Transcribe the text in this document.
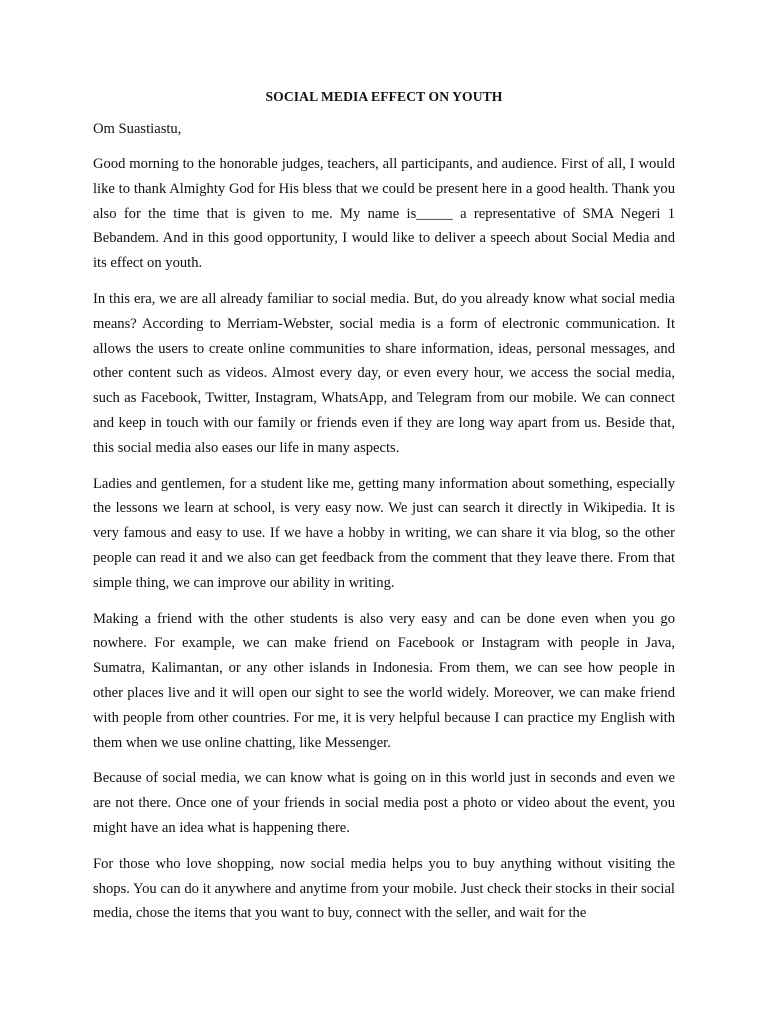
SOCIAL MEDIA EFFECT ON YOUTH
Om Suastiastu,

Good morning to the honorable judges, teachers, all participants, and audience. First of all, I would like to thank Almighty God for His bless that we could be present here in a good health. Thank you also for the time that is given to me. My name is_____ a representative of SMA Negeri 1 Bebandem. And in this good opportunity, I would like to deliver a speech about Social Media and its effect on youth.

In this era, we are all already familiar to social media. But, do you already know what social media means? According to Merriam-Webster, social media is a form of electronic communication. It allows the users to create online communities to share information, ideas, personal messages, and other content such as videos. Almost every day, or even every hour, we access the social media, such as Facebook, Twitter, Instagram, WhatsApp, and Telegram from our mobile. We can connect and keep in touch with our family or friends even if they are long way apart from us. Beside that, this social media also eases our life in many aspects.

Ladies and gentlemen, for a student like me, getting many information about something, especially the lessons we learn at school, is very easy now. We just can search it directly in Wikipedia. It is very famous and easy to use. If we have a hobby in writing, we can share it via blog, so the other people can read it and we also can get feedback from the comment that they leave there. From that simple thing, we can improve our ability in writing.

Making a friend with the other students is also very easy and can be done even when you go nowhere. For example, we can make friend on Facebook or Instagram with people in Java, Sumatra, Kalimantan, or any other islands in Indonesia. From them, we can see how people in other places live and it will open our sight to see the world widely. Moreover, we can make friend with people from other countries. For me, it is very helpful because I can practice my English with them when we use online chatting, like Messenger.

Because of social media, we can know what is going on in this world just in seconds and even we are not there. Once one of your friends in social media post a photo or video about the event, you might have an idea what is happening there.

For those who love shopping, now social media helps you to buy anything without visiting the shops. You can do it anywhere and anytime from your mobile. Just check their stocks in their social media, chose the items that you want to buy, connect with the seller, and wait for the
